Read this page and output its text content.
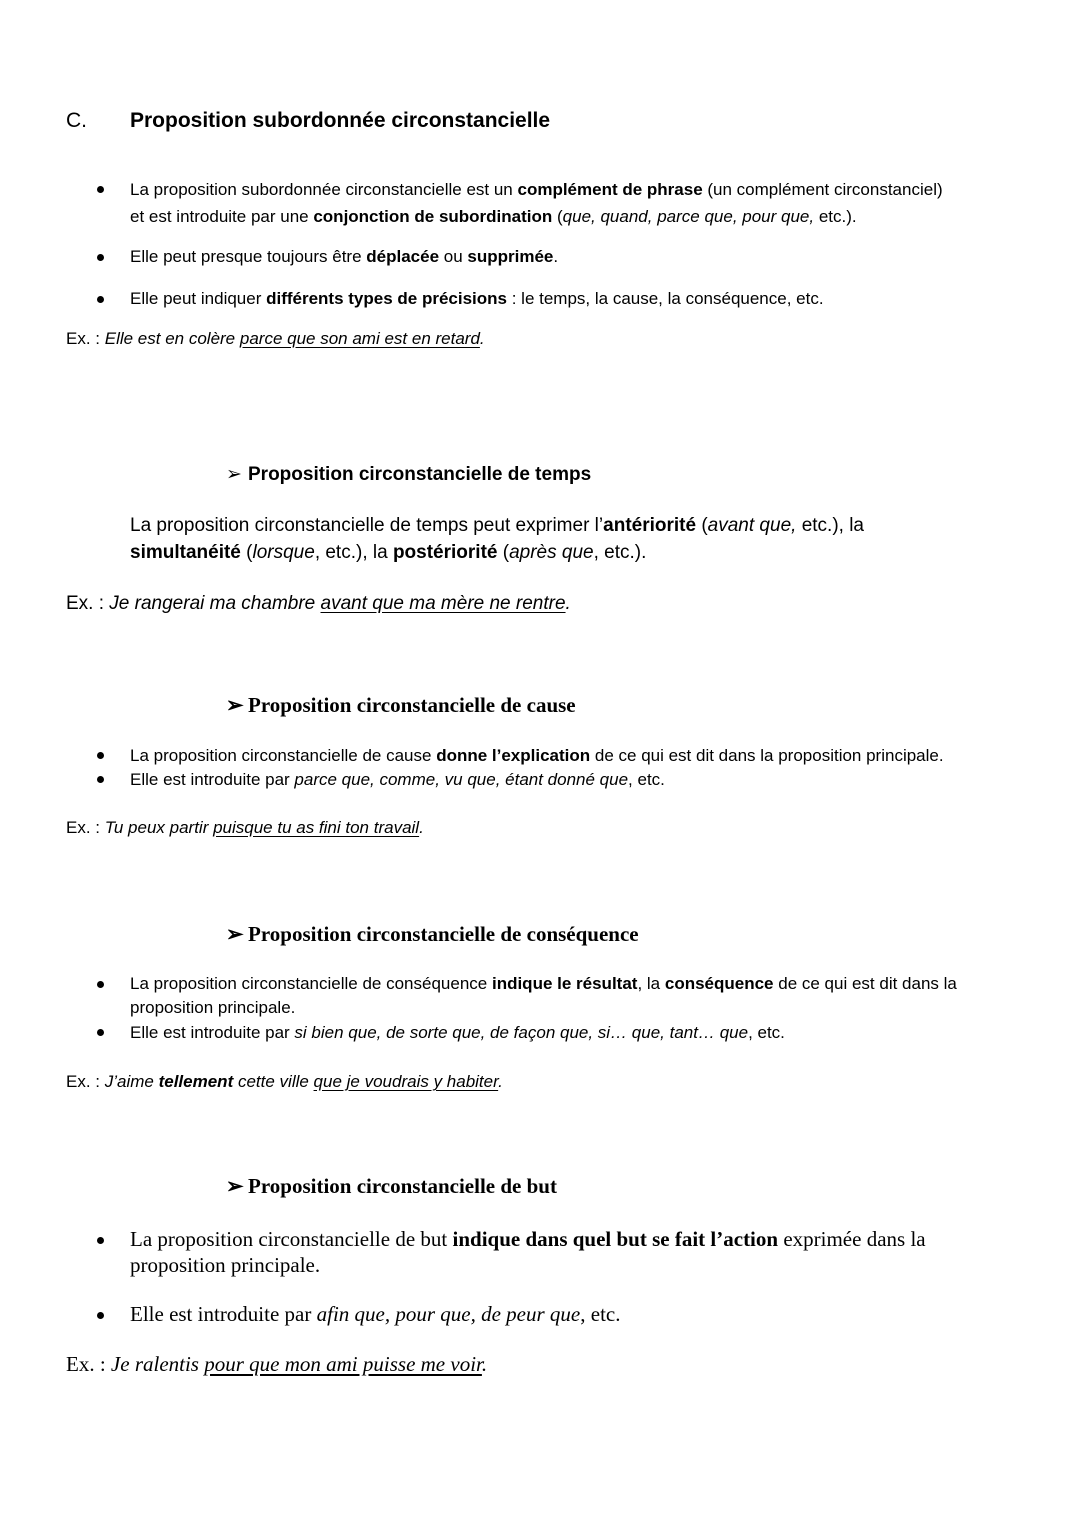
C. Proposition subordonnée circonstancielle
La proposition subordonnée circonstancielle est un complément de phrase (un complément circonstanciel)
et est introduite par une conjonction de subordination (que, quand, parce que, pour que, etc.).
Elle peut presque toujours être déplacée ou supprimée.
Elle peut indiquer différents types de précisions : le temps, la cause, la conséquence, etc.
Ex. : Elle est en colère parce que son ami est en retard.
➢ Proposition circonstancielle de temps
La proposition circonstancielle de temps peut exprimer l’antériorité (avant que, etc.), la
simultanéité (lorsque, etc.), la postériorité (après que, etc.).
Ex. : Je rangerai ma chambre avant que ma mère ne rentre.
➢ Proposition circonstancielle de cause
La proposition circonstancielle de cause donne l’explication de ce qui est dit dans la proposition principale.
Elle est introduite par parce que, comme, vu que, étant donné que, etc.
Ex. : Tu peux partir puisque tu as fini ton travail.
➢ Proposition circonstancielle de conséquence
La proposition circonstancielle de conséquence indique le résultat, la conséquence de ce qui est dit dans la
proposition principale.
Elle est introduite par si bien que, de sorte que, de façon que, si… que, tant… que, etc.
Ex. : J’aime tellement cette ville que je voudrais y habiter.
➢ Proposition circonstancielle de but
La proposition circonstancielle de but indique dans quel but se fait l’action exprimée dans la
proposition principale.
Elle est introduite par afin que, pour que, de peur que, etc.
Ex. : Je ralentis pour que mon ami puisse me voir.
